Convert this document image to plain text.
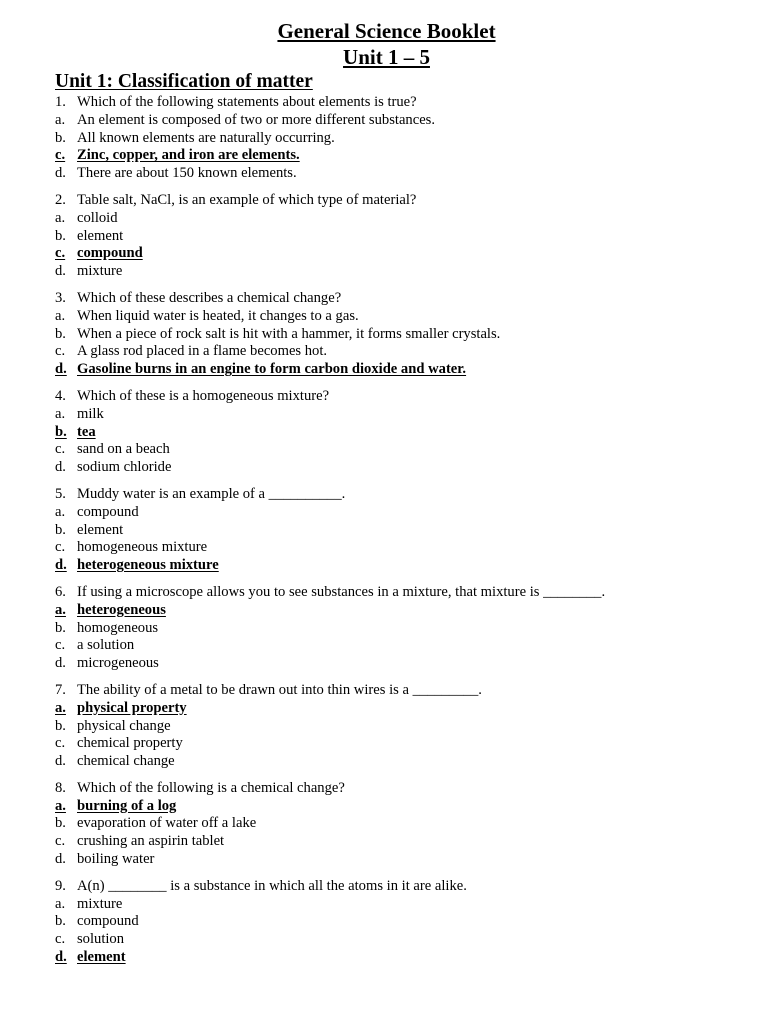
General Science Booklet
Unit 1 – 5
Unit 1: Classification of matter
1. Which of the following statements about elements is true?
a. An element is composed of two or more different substances.
b. All known elements are naturally occurring.
c. Zinc, copper, and iron are elements.
d. There are about 150 known elements.
2. Table salt, NaCl, is an example of which type of material?
a. colloid
b. element
c. compound
d. mixture
3. Which of these describes a chemical change?
a. When liquid water is heated, it changes to a gas.
b. When a piece of rock salt is hit with a hammer, it forms smaller crystals.
c. A glass rod placed in a flame becomes hot.
d. Gasoline burns in an engine to form carbon dioxide and water.
4. Which of these is a homogeneous mixture?
a. milk
b. tea
c. sand on a beach
d. sodium chloride
5. Muddy water is an example of a __________.
a. compound
b. element
c. homogeneous mixture
d. heterogeneous mixture
6. If using a microscope allows you to see substances in a mixture, that mixture is ________.
a. heterogeneous
b. homogeneous
c. a solution
d. microgeneous
7. The ability of a metal to be drawn out into thin wires is a _________.
a. physical property
b. physical change
c. chemical property
d. chemical change
8. Which of the following is a chemical change?
a. burning of a log
b. evaporation of water off a lake
c. crushing an aspirin tablet
d. boiling water
9. A(n) ________ is a substance in which all the atoms in it are alike.
a. mixture
b. compound
c. solution
d. element
